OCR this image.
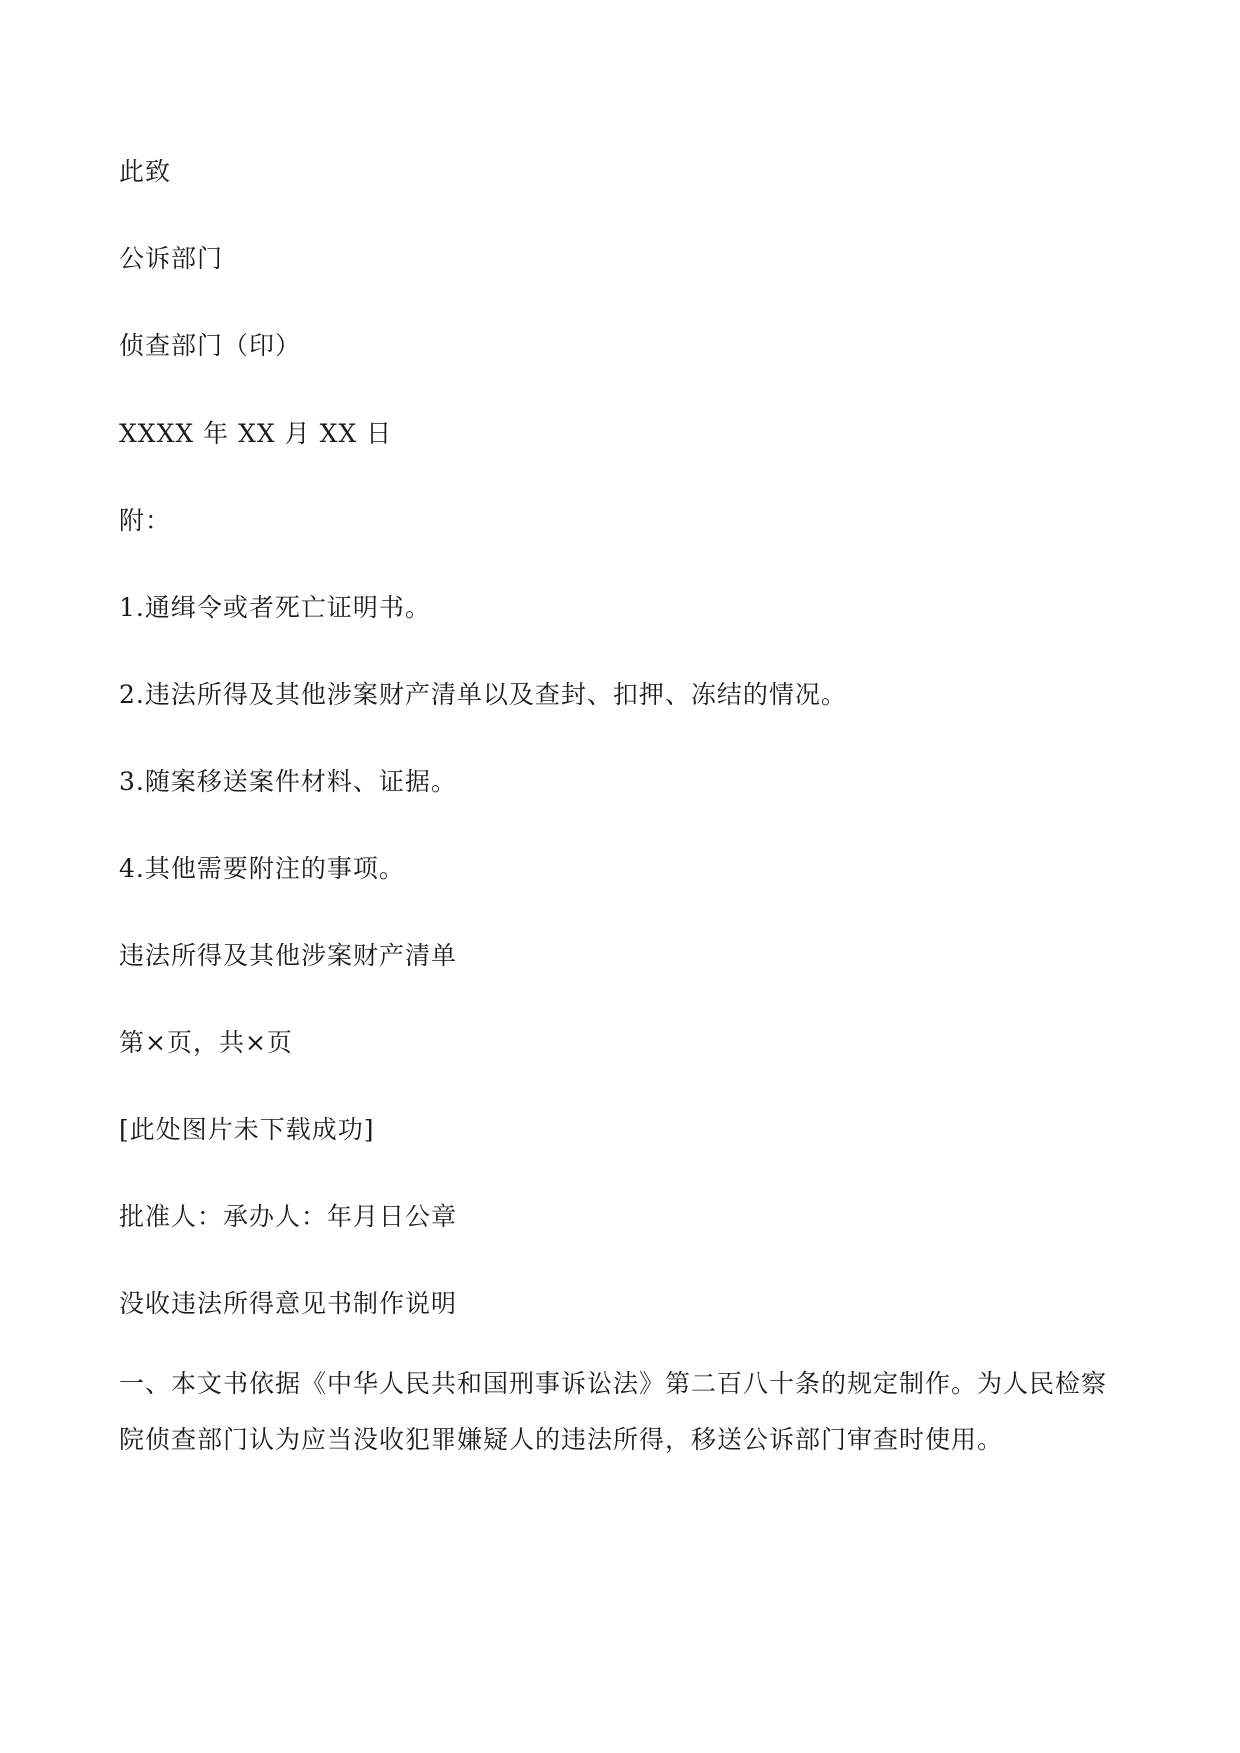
此致
公诉部门
侦查部门（印）
XXXX 年 XX 月 XX 日
附：
1.通缉令或者死亡证明书。
2.违法所得及其他涉案财产清单以及查封、扣押、冻结的情况。
3.随案移送案件材料、证据。
4.其他需要附注的事项。
违法所得及其他涉案财产清单
第×页，共×页
[此处图片未下载成功]
批准人：承办人：年月日公章
没收违法所得意见书制作说明
一、本文书依据《中华人民共和国刑事诉讼法》第二百八十条的规定制作。为人民检察院侦查部门认为应当没收犯罪嫌疑人的违法所得，移送公诉部门审查时使用。
